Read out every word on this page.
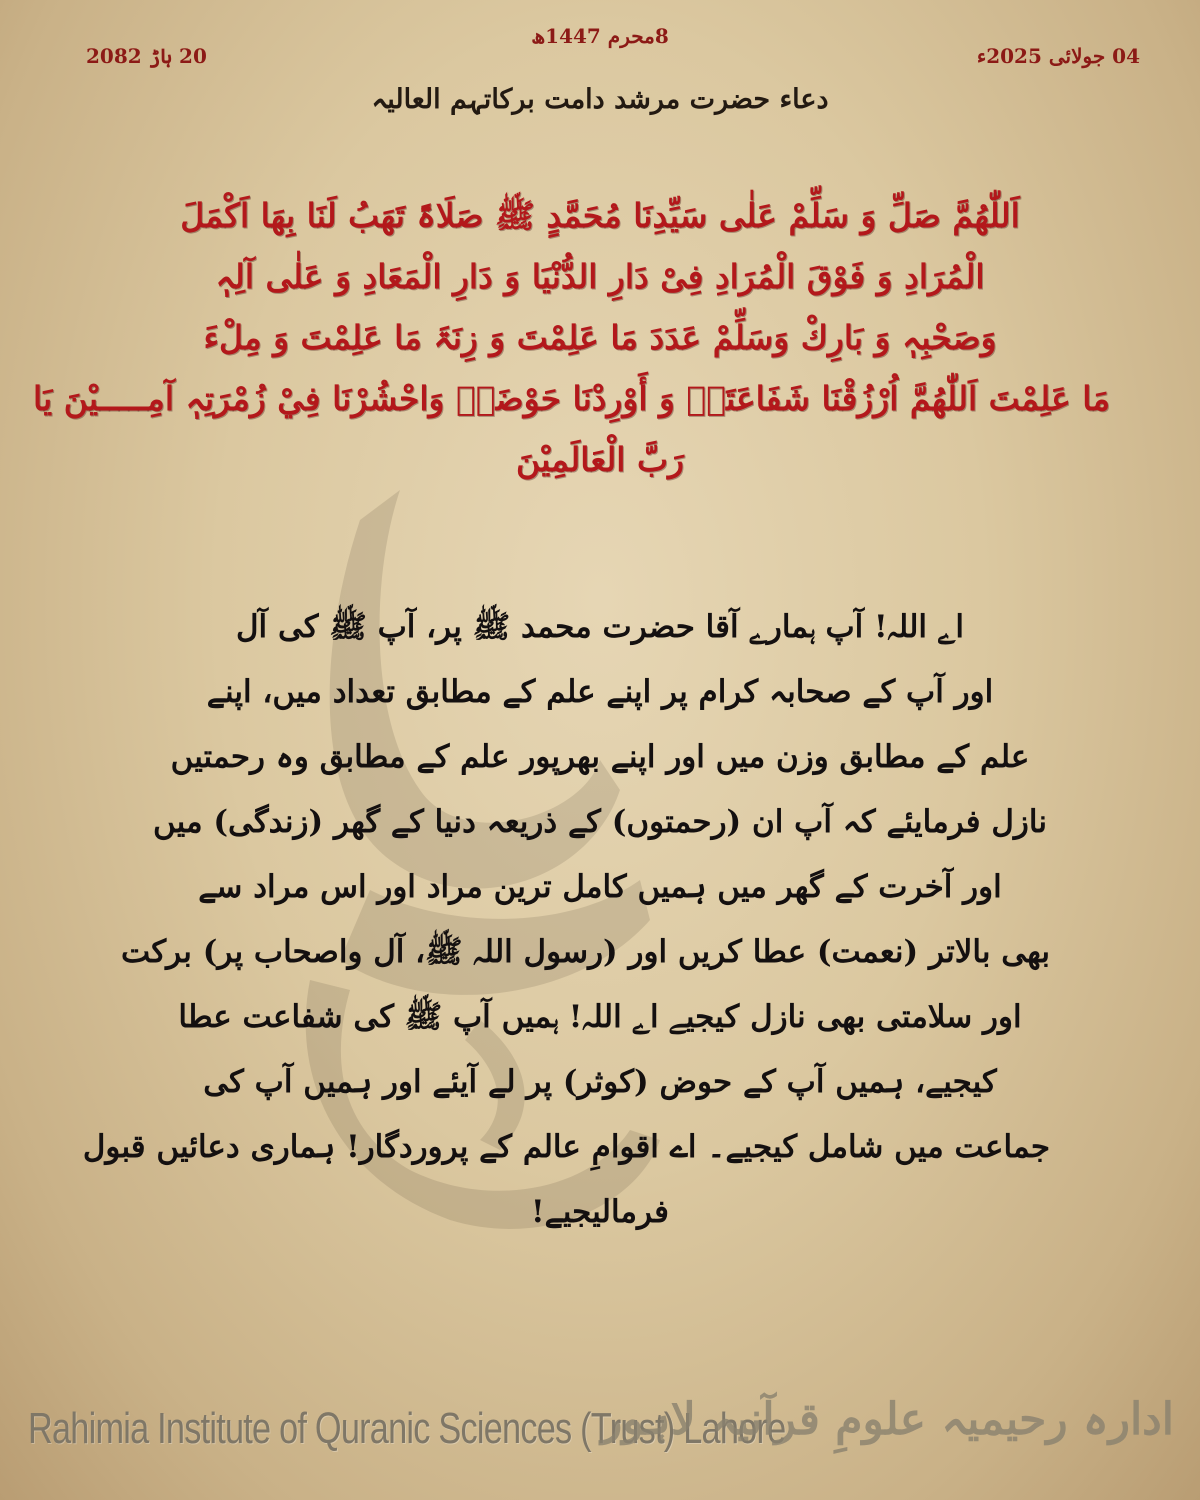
20 ہاڑ 2082	04 جولائی 2025ء
8محرم 1447ھ
دعاء حضرت مرشد دامت برکاتہم العالیہ
اَللّٰھُمَّ صَلِّ وَ سَلِّمْ عَلٰی سَیِّدِنَا مُحَمَّدٍ ﷺ صَلَاۃً تَھَبُ لَنَا بِھَا اَکْمَلَ
الْمُرَادِ وَ فَوْقَ الْمُرَادِ فِیْ دَارِ الدُّنْیَا وَ دَارِ الْمَعَادِ وَ عَلٰی آلِہٖ
وَصَحْبِہٖ وَ بَارِكْ وَسَلِّمْ عَدَدَ مَا عَلِمْتَ وَ زِنَۃَ مَا عَلِمْتَ وَ مِلْءَ
مَا عَلِمْتَ اَللّٰھُمَّ اُرْزُقْنَا شَفَاعَتَہٗ وَ أَوْرِدْنَا حَوْضَہٗ وَاحْشُرْنَا فِيْ زُمْرَتِہٖ آمِـــــیْنَ یَا
رَبَّ الْعَالَمِیْنَ
اے اللہ! آپ ہمارے آقا حضرت محمد ﷺ پر، آپ ﷺ کی آل
اور آپ کے صحابہ کرام پر اپنے علم کے مطابق تعداد میں، اپنے
علم کے مطابق وزن میں اور اپنے بھرپور علم کے مطابق وہ رحمتیں
نازل فرمایئے کہ آپ ان (رحمتوں) کے ذریعہ دنیا کے گھر (زندگی) میں
اور آخرت کے گھر میں ہمیں کامل ترین مراد اور اس مراد سے
بھی بالاتر (نعمت) عطا کریں اور (رسول اللہ ﷺ، آل واصحاب پر) برکت
اور سلامتی بھی نازل کیجیے اے اللہ! ہمیں آپ ﷺ کی شفاعت عطا
کیجیے، ہمیں آپ کے حوض (کوثر) پر لے آیئے اور ہمیں آپ کی
جماعت میں شامل کیجیے۔ اے اقوامِ عالم کے پروردگار! ہماری دعائیں قبول
فرمالیجیے!
Rahimia Institute of Quranic Sciences (Trust) Lahore
ادارہ رحیمیہ علومِ قرآنیہ لاہور
